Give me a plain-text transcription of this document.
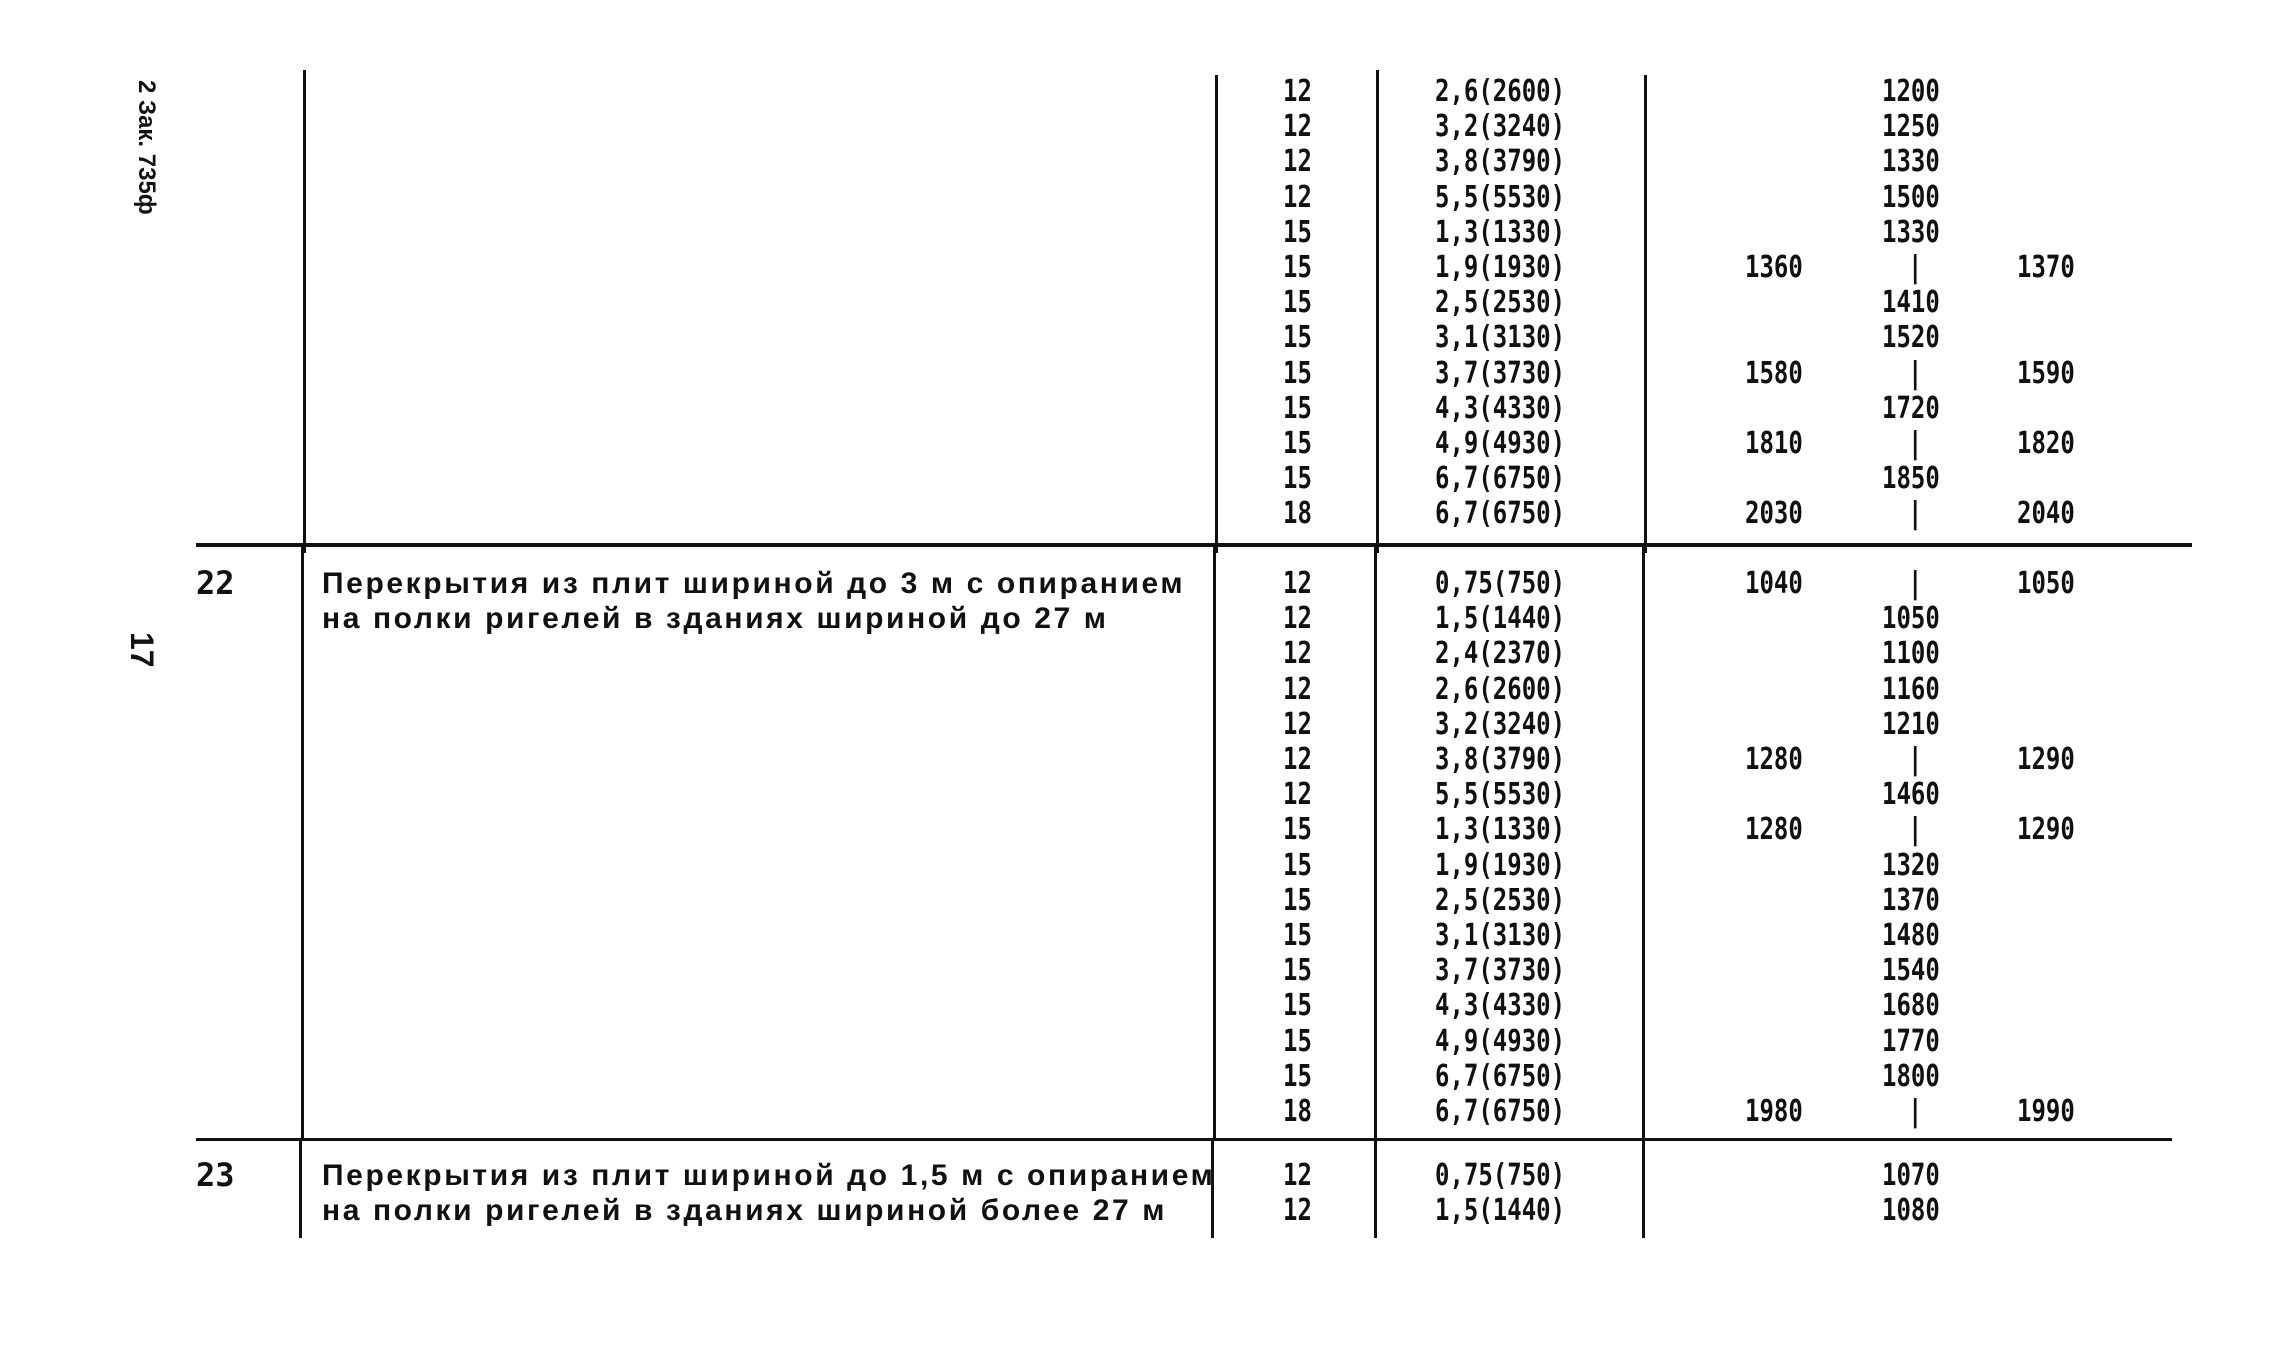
2 Зак. 735ф
17
12	2,6(2600)	1200
12	3,2(3240)	1250
12	3,8(3790)	1330
12	5,5(5530)	1500
15	1,3(1330)	1330
15	1,9(1930)	1360	|	1370
15	2,5(2530)	1410
15	3,1(3130)	1520
15	3,7(3730)	1580	|	1590
15	4,3(4330)	1720
15	4,9(4930)	1810	|	1820
15	6,7(6750)	1850
18	6,7(6750)	2030	|	2040
22	Перекрытия из плит шириной до 3 м с опиранием
на полки ригелей в зданиях шириной до 27 м
12	0,75(750)	1040	|	1050
12	1,5(1440)	1050
12	2,4(2370)	1100
12	2,6(2600)	1160
12	3,2(3240)	1210
12	3,8(3790)	1280	|	1290
12	5,5(5530)	1460
15	1,3(1330)	1280	|	1290
15	1,9(1930)	1320
15	2,5(2530)	1370
15	3,1(3130)	1480
15	3,7(3730)	1540
15	4,3(4330)	1680
15	4,9(4930)	1770
15	6,7(6750)	1800
18	6,7(6750)	1980	|	1990
23	Перекрытия из плит шириной до 1,5 м с опиранием
на полки ригелей в зданиях шириной более 27 м
12	0,75(750)	1070
12	1,5(1440)	1080
